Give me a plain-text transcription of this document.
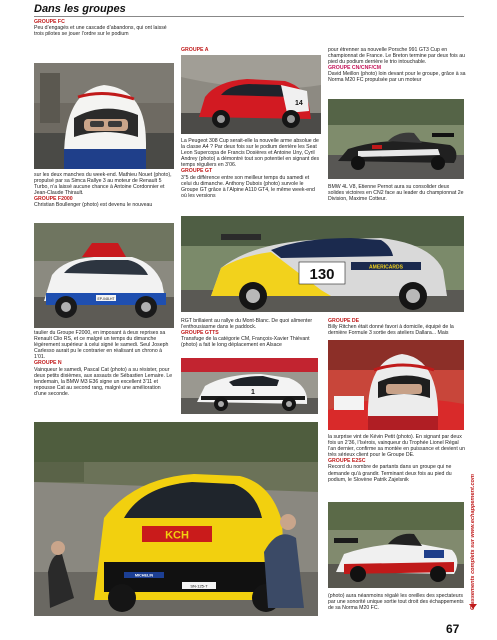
Dans les groupes
GROUPE FC

Peu d’engagés et une cascade d’abandons, qui ont laissé trois pilotes se jouer l’ordre sur le podium

sur les deux manches du week-end. Mathieu Nouet (photo), propulsé par sa Simca Rallye 3 au moteur de Renault 5 Turbo, n’a laissé aucune chance à Antoine Cordonnier et Jean-Claude Thirault.

GROUPE F2000

Christian Boullenger (photo) est devenu le nouveau

EP-048-HT

taulier du Groupe F2000, en imposant à deux reprises sa Renault Clio RS, et ce malgré un temps du dimanche légèrement supérieur à celui signé le samedi. Seul Joseph Carlesso aurait pu le contrarier en réalisant un chrono à 1’01.

GROUPE N

Vainqueur le samedi, Pascal Cat (photo) a su résister, pour deux petits dixièmes, aux assauts de Sébastien Lemaire. Le lendemain, la BMW M3 E36 signe un excellent 3’11 et repousse Cat au second rang, malgré une amélioration d’une seconde.

GROUPE A
14

La Peugeot 308 Cup serait-elle la nouvelle arme absolue de la classe A4 ? Par deux fois sur le podium derrière les Seat Leon Supercopa de Francis Dosières et Antoine Uny, Cyril Andrey (photo) a démontré tout son potentiel en signant des temps réguliers en 3’06.

GROUPE GT

3”5 de différence entre son meilleur temps du samedi et celui du dimanche. Anthony Dubois (photo) survole le Groupe GT grâce à l’Alpine A110 GT4, le même week-end où les versions

130	AMERICARDS

RGT brillaient au rallye du Mont-Blanc. De quoi alimenter l’enthousiasme dans le paddock.

GROUPE GTTS

Transfuge de la catégorie CM, François-Xavier Thiévant (photo) a fait le long déplacement en Alsace

1

pour étrenner sa nouvelle Porsche 991 GT3 Cup en championnat de France. Le Breton termine par deux fois au pied du podium derrière le trio intouchable.

GROUPE CN/CNF/CM

David Meillon (photo) loin devant pour le groupe, grâce à sa Norma M20 FC propulsée par un moteur

BMW 4L V8, Etienne Pernot aura su consolider deux solides victoires en CN2 face au leader du championnat 2e Division, Maxime Cotteur.

GROUPE DE

Billy Ritchen était donné favori à domicile, équipé de la dernière Formule 3 sortie des ateliers Dallara... Mais

KCH
MICHELIN
SN-125-T

la surprise vint de Kévin Petit (photo). En signant par deux fois un 2’36, l’Isérois, vainqueur du Trophée Lionel Régal l’an dernier, confirme sa montée en puissance et devient un très sérieux client pour le Groupe DE.

GROUPE E2SC

Record du nombre de partants dans un groupe qui ne demande qu’à grandir. Terminant deux fois au pied du podium, le Slovène Patrik Zajelsnik

(photo) aura néanmoins régalé les oreilles des spectateurs par une sonorité unique sortie tout droit des échappements de sa Norma M20 FC.	Classements complets sur www.echappement.com
67
